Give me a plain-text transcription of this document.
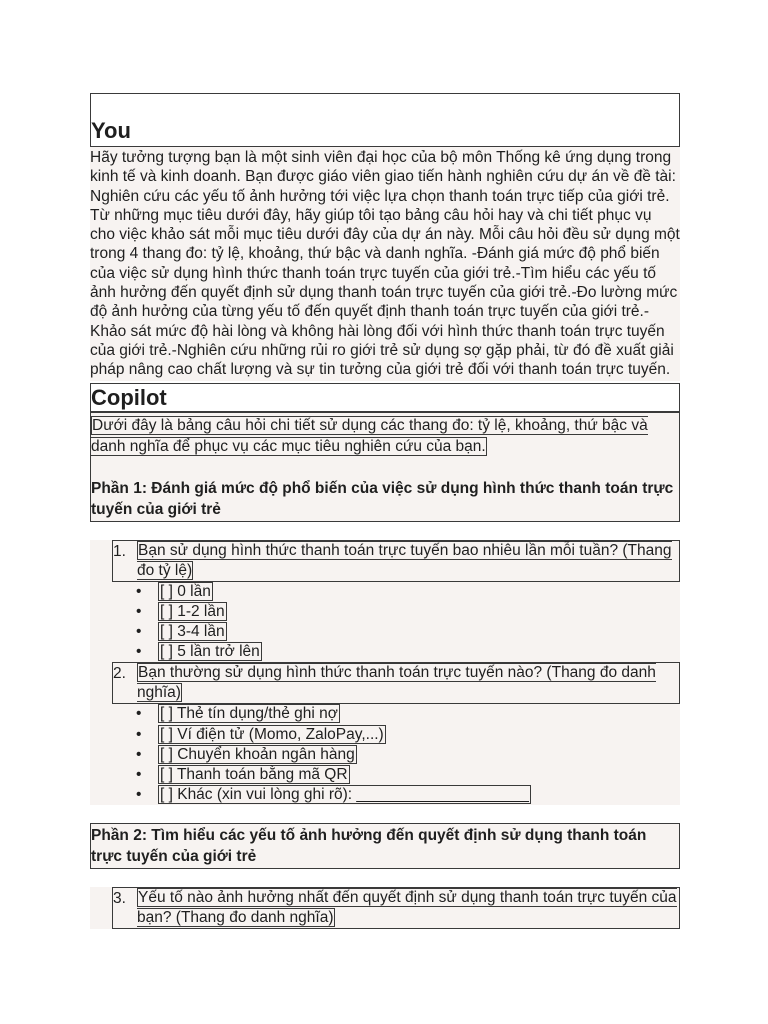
You
Hãy tưởng tượng bạn là một sinh viên đại học của bộ môn Thống kê ứng dụng trong kinh tế và kinh doanh. Bạn được giáo viên giao tiến hành nghiên cứu dự án về đề tài: Nghiên cứu các yếu tố ảnh hưởng tới việc lựa chọn thanh toán trực tiếp của giới trẻ. Từ những mục tiêu dưới đây, hãy giúp tôi tạo bảng câu hỏi hay và chi tiết phục vụ cho việc khảo sát mỗi mục tiêu dưới đây của dự án này. Mỗi câu hỏi đều sử dụng một trong 4 thang đo: tỷ lệ, khoảng, thứ bậc và danh nghĩa. -Đánh giá mức độ phổ biến của việc sử dụng hình thức thanh toán trực tuyến của giới trẻ.-Tìm hiểu các yếu tố ảnh hưởng đến quyết định sử dụng thanh toán trực tuyến của giới trẻ.-Đo lường mức độ ảnh hưởng của từng yếu tố đến quyết định thanh toán trực tuyến của giới trẻ.-Khảo sát mức độ hài lòng và không hài lòng đối với hình thức thanh toán trực tuyến của giới trẻ.-Nghiên cứu những rủi ro giới trẻ sử dụng sợ gặp phải, từ đó đề xuất giải pháp nâng cao chất lượng và sự tin tưởng của giới trẻ đối với thanh toán trực tuyến.
Copilot
Dưới đây là bảng câu hỏi chi tiết sử dụng các thang đo: tỷ lệ, khoảng, thứ bậc và danh nghĩa để phục vụ các mục tiêu nghiên cứu của bạn.
Phần 1: Đánh giá mức độ phổ biến của việc sử dụng hình thức thanh toán trực tuyến của giới trẻ
1. Bạn sử dụng hình thức thanh toán trực tuyến bao nhiêu lần mỗi tuần? (Thang đo tỷ lệ)
• [ ] 0 lần
• [ ] 1-2 lần
• [ ] 3-4 lần
• [ ] 5 lần trở lên
2. Bạn thường sử dụng hình thức thanh toán trực tuyến nào? (Thang đo danh nghĩa)
• [ ] Thẻ tín dụng/thẻ ghi nợ
• [ ] Ví điện tử (Momo, ZaloPay,...)
• [ ] Chuyển khoản ngân hàng
• [ ] Thanh toán bằng mã QR
• [ ] Khác (xin vui lòng ghi rõ): ____________________
Phần 2: Tìm hiểu các yếu tố ảnh hưởng đến quyết định sử dụng thanh toán trực tuyến của giới trẻ
3. Yếu tố nào ảnh hưởng nhất đến quyết định sử dụng thanh toán trực tuyến của bạn? (Thang đo danh nghĩa)
